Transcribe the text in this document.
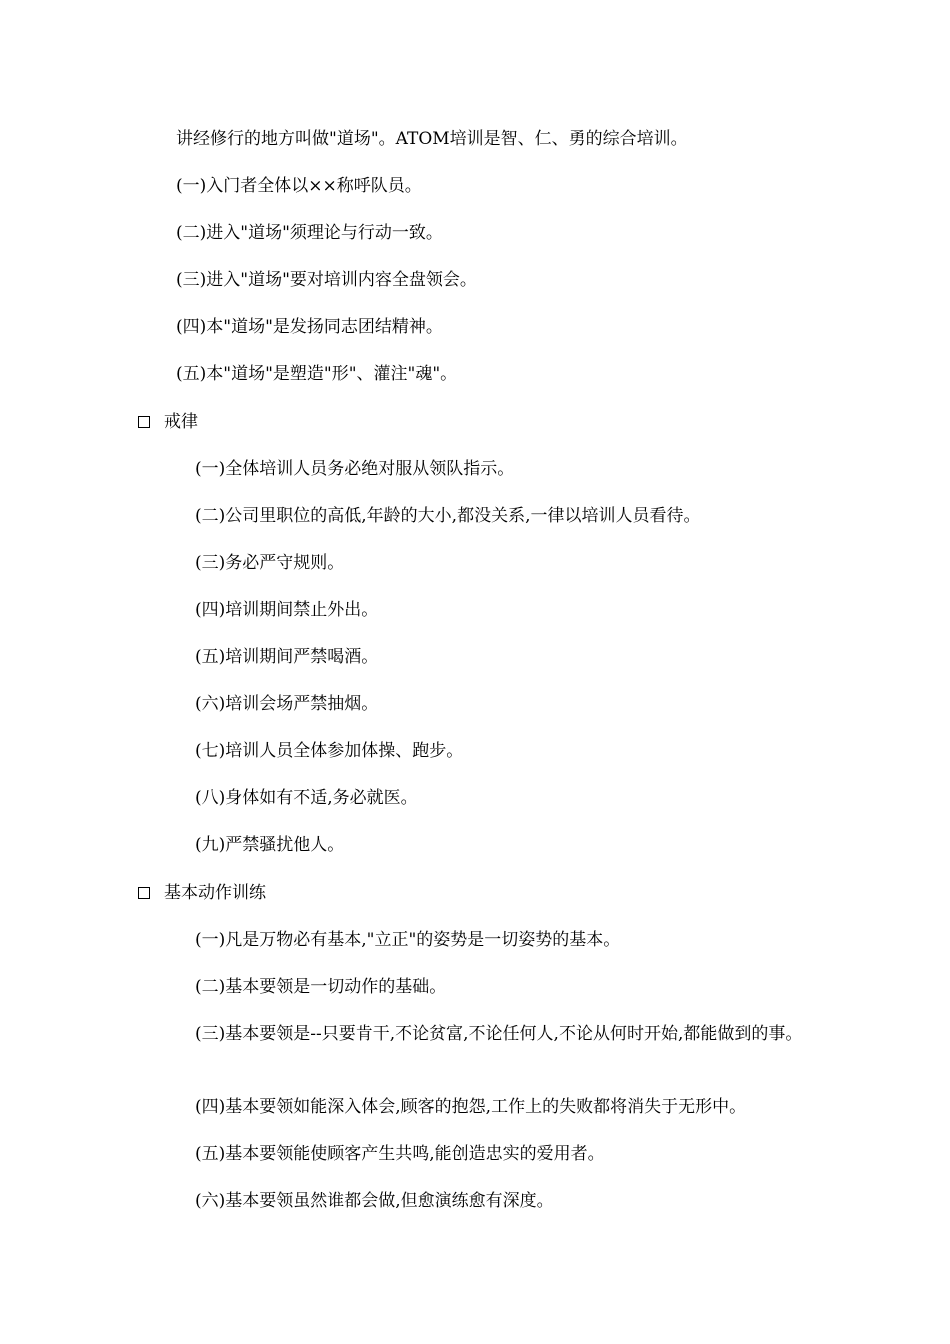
讲经修行的地方叫做"道场"。ATOM培训是智、仁、勇的综合培训。
(一)入门者全体以××称呼队员。
(二)进入"道场"须理论与行动一致。
(三)进入"道场"要对培训内容全盘领会。
(四)本"道场"是发扬同志团结精神。
(五)本"道场"是塑造"形"、灌注"魂"。
戒律
(一)全体培训人员务必绝对服从领队指示。
(二)公司里职位的高低,年龄的大小,都没关系,一律以培训人员看待。
(三)务必严守规则。
(四)培训期间禁止外出。
(五)培训期间严禁喝酒。
(六)培训会场严禁抽烟。
(七)培训人员全体参加体操、跑步。
(八)身体如有不适,务必就医。
(九)严禁骚扰他人。
基本动作训练
(一)凡是万物必有基本,"立正"的姿势是一切姿势的基本。
(二)基本要领是一切动作的基础。
(三)基本要领是--只要肯干,不论贫富,不论任何人,不论从何时开始,都能做到的事。
(四)基本要领如能深入体会,顾客的抱怨,工作上的失败都将消失于无形中。
(五)基本要领能使顾客产生共鸣,能创造忠实的爱用者。
(六)基本要领虽然谁都会做,但愈演练愈有深度。
